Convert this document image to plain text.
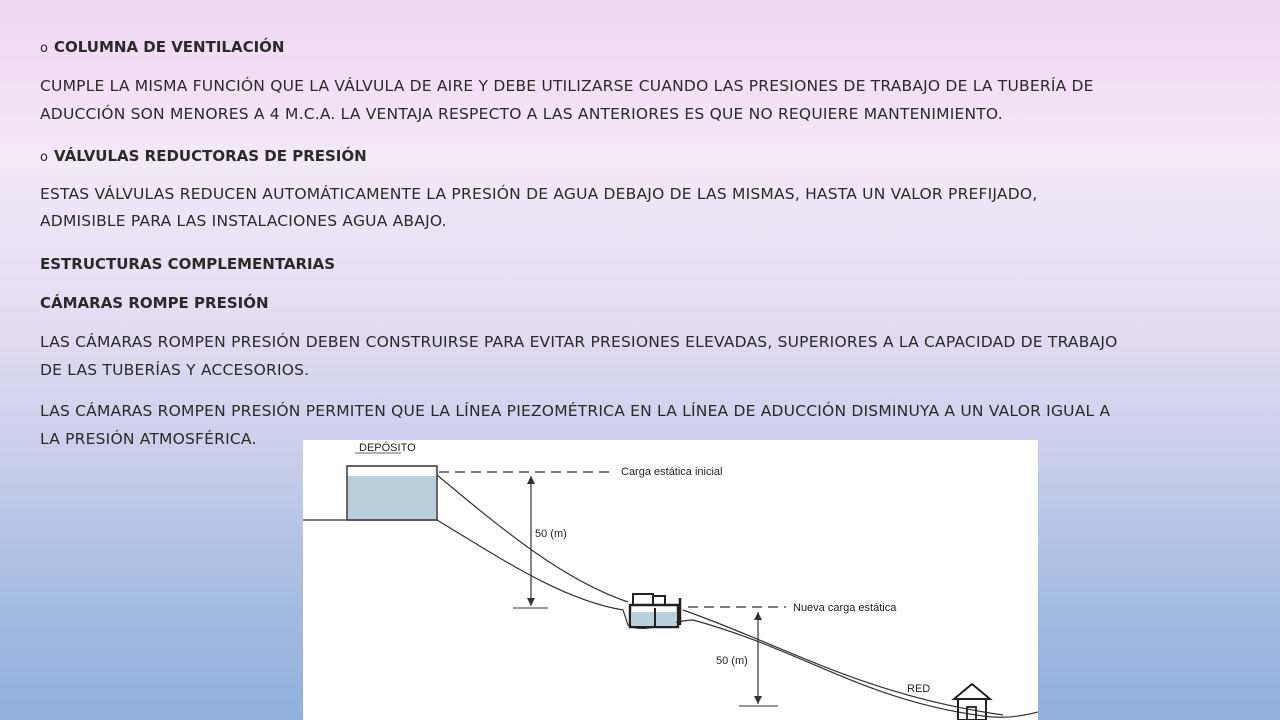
o COLUMNA DE VENTILACIÓN

CUMPLE LA MISMA FUNCIÓN QUE LA VÁLVULA DE AIRE Y DEBE UTILIZARSE CUANDO LAS PRESIONES DE TRABAJO DE LA TUBERÍA DE

ADUCCIÓN SON MENORES A 4 M.C.A. LA VENTAJA RESPECTO A LAS ANTERIORES ES QUE NO REQUIERE MANTENIMIENTO.

o VÁLVULAS REDUCTORAS DE PRESIÓN

ESTAS VÁLVULAS REDUCEN AUTOMÁTICAMENTE LA PRESIÓN DE AGUA DEBAJO DE LAS MISMAS, HASTA UN VALOR PREFIJADO,

ADMISIBLE PARA LAS INSTALACIONES AGUA ABAJO.

ESTRUCTURAS COMPLEMENTARIAS

CÁMARAS ROMPE PRESIÓN

LAS CÁMARAS ROMPEN PRESIÓN DEBEN CONSTRUIRSE PARA EVITAR PRESIONES ELEVADAS, SUPERIORES A LA CAPACIDAD DE TRABAJO

DE LAS TUBERÍAS Y ACCESORIOS.

LAS CÁMARAS ROMPEN PRESIÓN PERMITEN QUE LA LÍNEA PIEZOMÉTRICA EN LA LÍNEA DE ADUCCIÓN DISMINUYA A UN VALOR IGUAL A

LA PRESIÓN ATMOSFÉRICA.	DEPÓSITO
Carga estática inicial
50 (m)
Nueva carga estática
50 (m)
RED
